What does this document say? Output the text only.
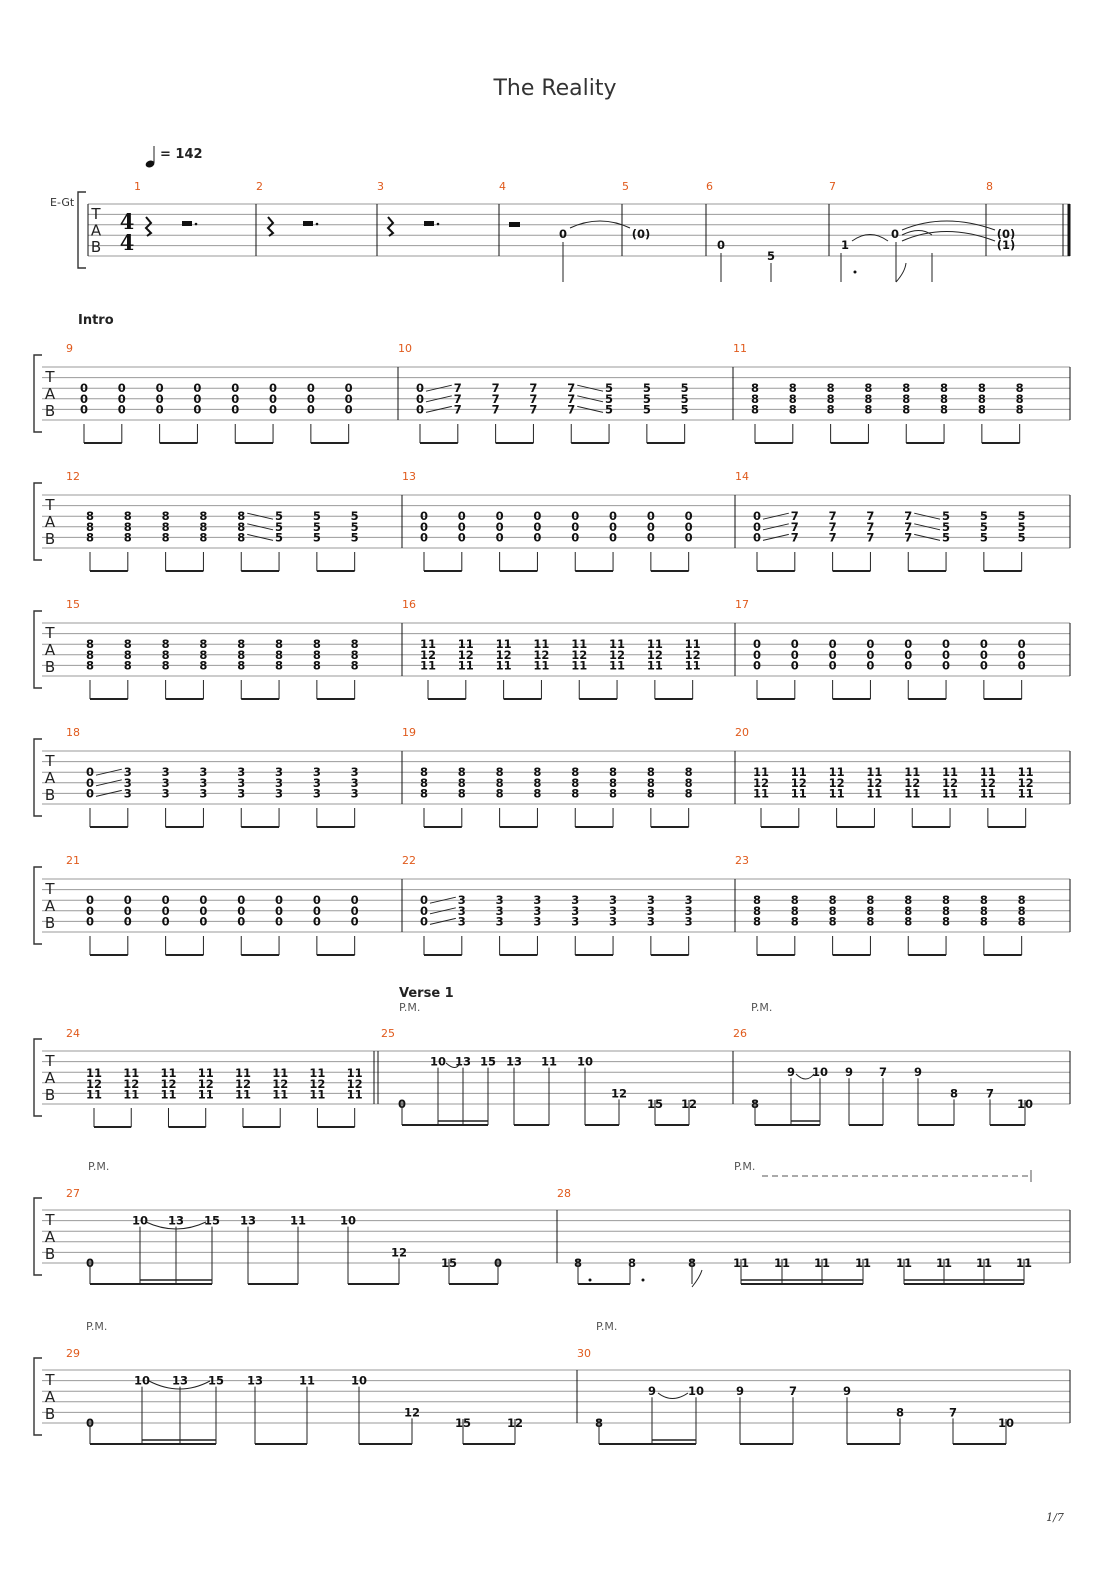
The Reality
= 142
E-Gt
Intro
Verse 1
1/7
T
A
B
4
4
1	2	3	4	5	6	7	8
0	(0)
0
5
1
0	(0)
(1)
T
A
B
0
0
0
0
0
0
0
0
0
0
0
0
0
0
0
0
0
0
0
0
0
0
0
0
9
0
0
0
7
7
7
7
7
7
7
7
7
7
7
7
5
5
5
5
5
5
5
5
5
10
8
8
8
8
8
8
8
8
8
8
8
8
8
8
8
8
8
8
8
8
8
8
8
8
11
T
A
B
8
8
8
8
8
8
8
8
8
8
8
8
8
8
8
5
5
5
5
5
5
5
5
5
12
0
0
0
0
0
0
0
0
0
0
0
0
0
0
0
0
0
0
0
0
0
0
0
0
13
0
0
0
7
7
7
7
7
7
7
7
7
7
7
7
5
5
5
5
5
5
5
5
5
14
T
A
B
8
8
8
8
8
8
8
8
8
8
8
8
8
8
8
8
8
8
8
8
8
8
8
8
15
11
12
11
11
12
11
11
12
11
11
12
11
11
12
11
11
12
11
11
12
11
11
12
11
16
0
0
0
0
0
0
0
0
0
0
0
0
0
0
0
0
0
0
0
0
0
0
0
0
17
T
A
B
0
0
0
3
3
3
3
3
3
3
3
3
3
3
3
3
3
3
3
3
3
3
3
3
18
8
8
8
8
8
8
8
8
8
8
8
8
8
8
8
8
8
8
8
8
8
8
8
8
19
11
12
11
11
12
11
11
12
11
11
12
11
11
12
11
11
12
11
11
12
11
11
12
11
20
T
A
B
0
0
0
0
0
0
0
0
0
0
0
0
0
0
0
0
0
0
0
0
0
0
0
0
21
0
0
0
3
3
3
3
3
3
3
3
3
3
3
3
3
3
3
3
3
3
3
3
3
22
8
8
8
8
8
8
8
8
8
8
8
8
8
8
8
8
8
8
8
8
8
8
8
8
23
T
A
B
11
12
11
11
12
11
11
12
11
11
12
11
11
12
11
11
12
11
11
12
11
11
12
11
24	25	26
P.M.	P.M.
0
10 13 15 13 11 10
12
15 12	8
9 10 9 7 9
8 7
10
T
A
B
27	28
P.M.	P.M.
0
10 13 15 13	11	10
12
15	0	8	8	8	11 11 11 11 11 11 11 11
T
A
B
29	30
P.M.	P.M.
0
10 13 15 13	11	10
12
15	12	8
9	10	9	7	9
8	7
10
